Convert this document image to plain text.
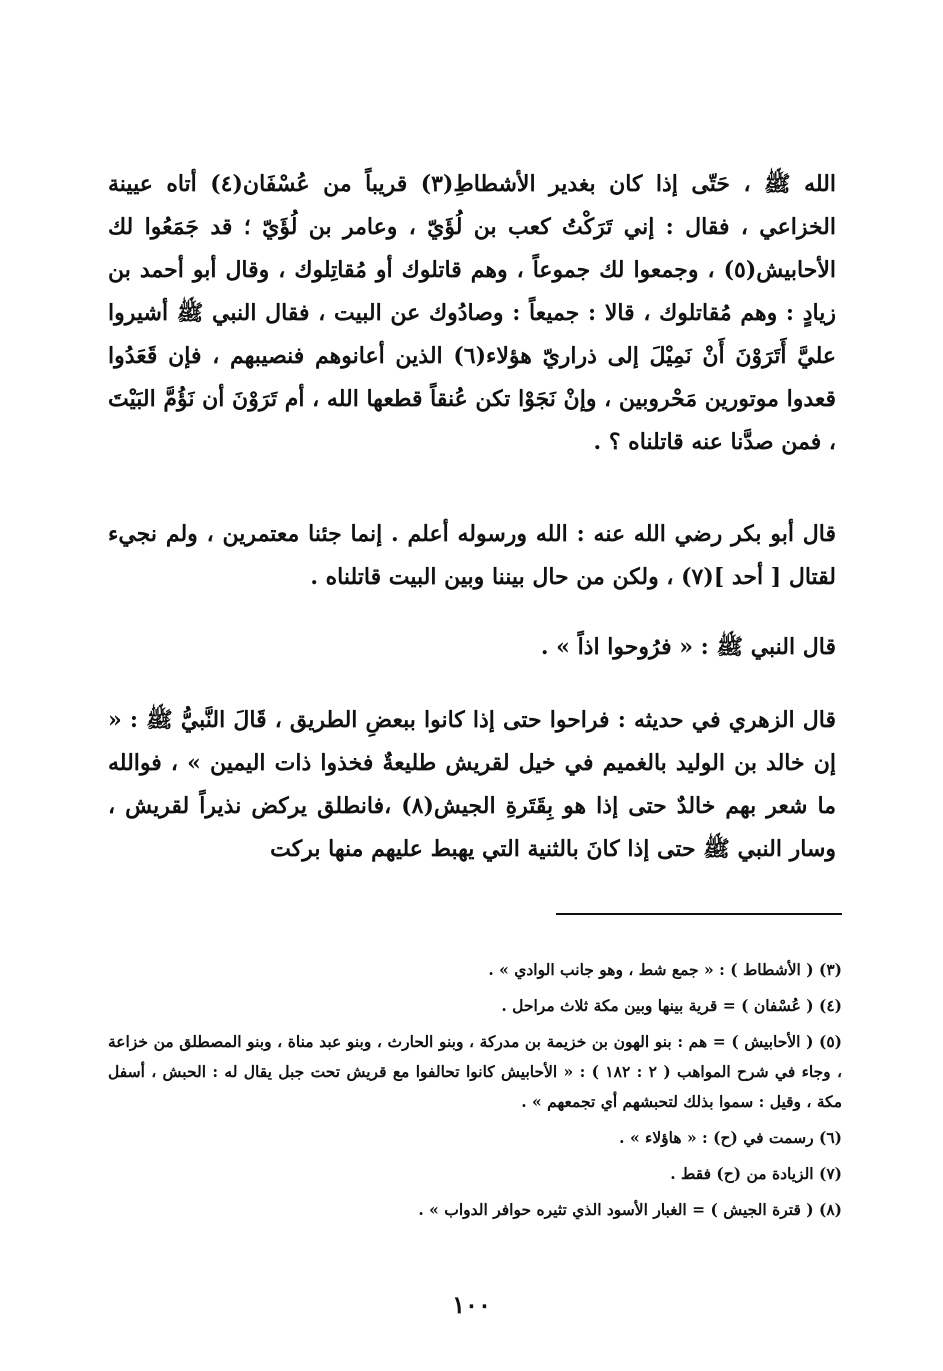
الله ﷺ ، حَتّى إذا كان بغدير الأشطاطِ(٣) قريباً من عُسْفَان(٤) أتاه عيينة الخزاعي ، فقال : إني تَرَكْتُ كعب بن لُؤَيّ ، وعامر بن لُؤَيّ ؛ قد جَمَعُوا لك الأحابيش(٥) ، وجمعوا لك جموعاً ، وهم قاتلوك أو مُقاتِلوك ، وقال أبو أحمد بن زيادٍ : وهم مُقاتلوك ، قالا : جميعاً : وصادُوك عن البيت ، فقال النبي ﷺ أشيروا عليَّ أَتَرَوْنَ أَنْ نَمِيْلَ إلى ذراريّ هؤلاء(٦) الذين أعانوهم فنصيبهم ، فإن قَعَدُوا قعدوا موتورين مَحْروبين ، وإنْ نَجَوْا تكن عُنقاً قطعها الله ، أم تَرَوْنَ أن نَؤُمَّ البَيْتَ ، فمن صدَّنا عنه قاتلناه ؟ .

قال أبو بكر رضي الله عنه : الله ورسوله أعلم . إنما جئنا معتمرين ، ولم نجيء لقتال [ أحد ](٧) ، ولكن من حال بيننا وبين البيت قاتلناه .

قال النبي ﷺ : « فرُوحوا اذاً » .

قال الزهري في حديثه : فراحوا حتى إذا كانوا ببعضِ الطريق ، قَالَ النَّبيُّ ﷺ : « إن خالد بن الوليد بالغميم في خيل لقريش طليعةٌ فخذوا ذات اليمين » ، فوالله ما شعر بهم خالدٌ حتى إذا هو بِقَتَرةِ الجيش(٨) ،فانطلق يركض نذيراً لقريش ، وسار النبي ﷺ حتى إذا كانَ بالثنية التي يهبط عليهم منها بركت

(٣) ( الأشطاط ) : « جمع شط ، وهو جانب الوادي » .

(٤) ( عُسْفان ) = قرية بينها وبين مكة ثلاث مراحل .

(٥) ( الأحابيش ) = هم : بنو الهون بن خزيمة بن مدركة ، وبنو الحارث ، وبنو عبد مناة ، وبنو المصطلق من خزاعة ، وجاء في شرح المواهب ( ٢ : ١٨٢ ) : « الأحابيش كانوا تحالفوا مع قريش تحت جبل يقال له : الحبش ، أسفل مكة ، وقيل : سموا بذلك لتحبشهم أي تجمعهم » .

(٦) رسمت في (ح) : « هاؤلاء » .

(٧) الزيادة من (ح) فقط .

(٨) ( قترة الجيش ) = الغبار الأسود الذي تثيره حوافر الدواب » .

١٠٠
